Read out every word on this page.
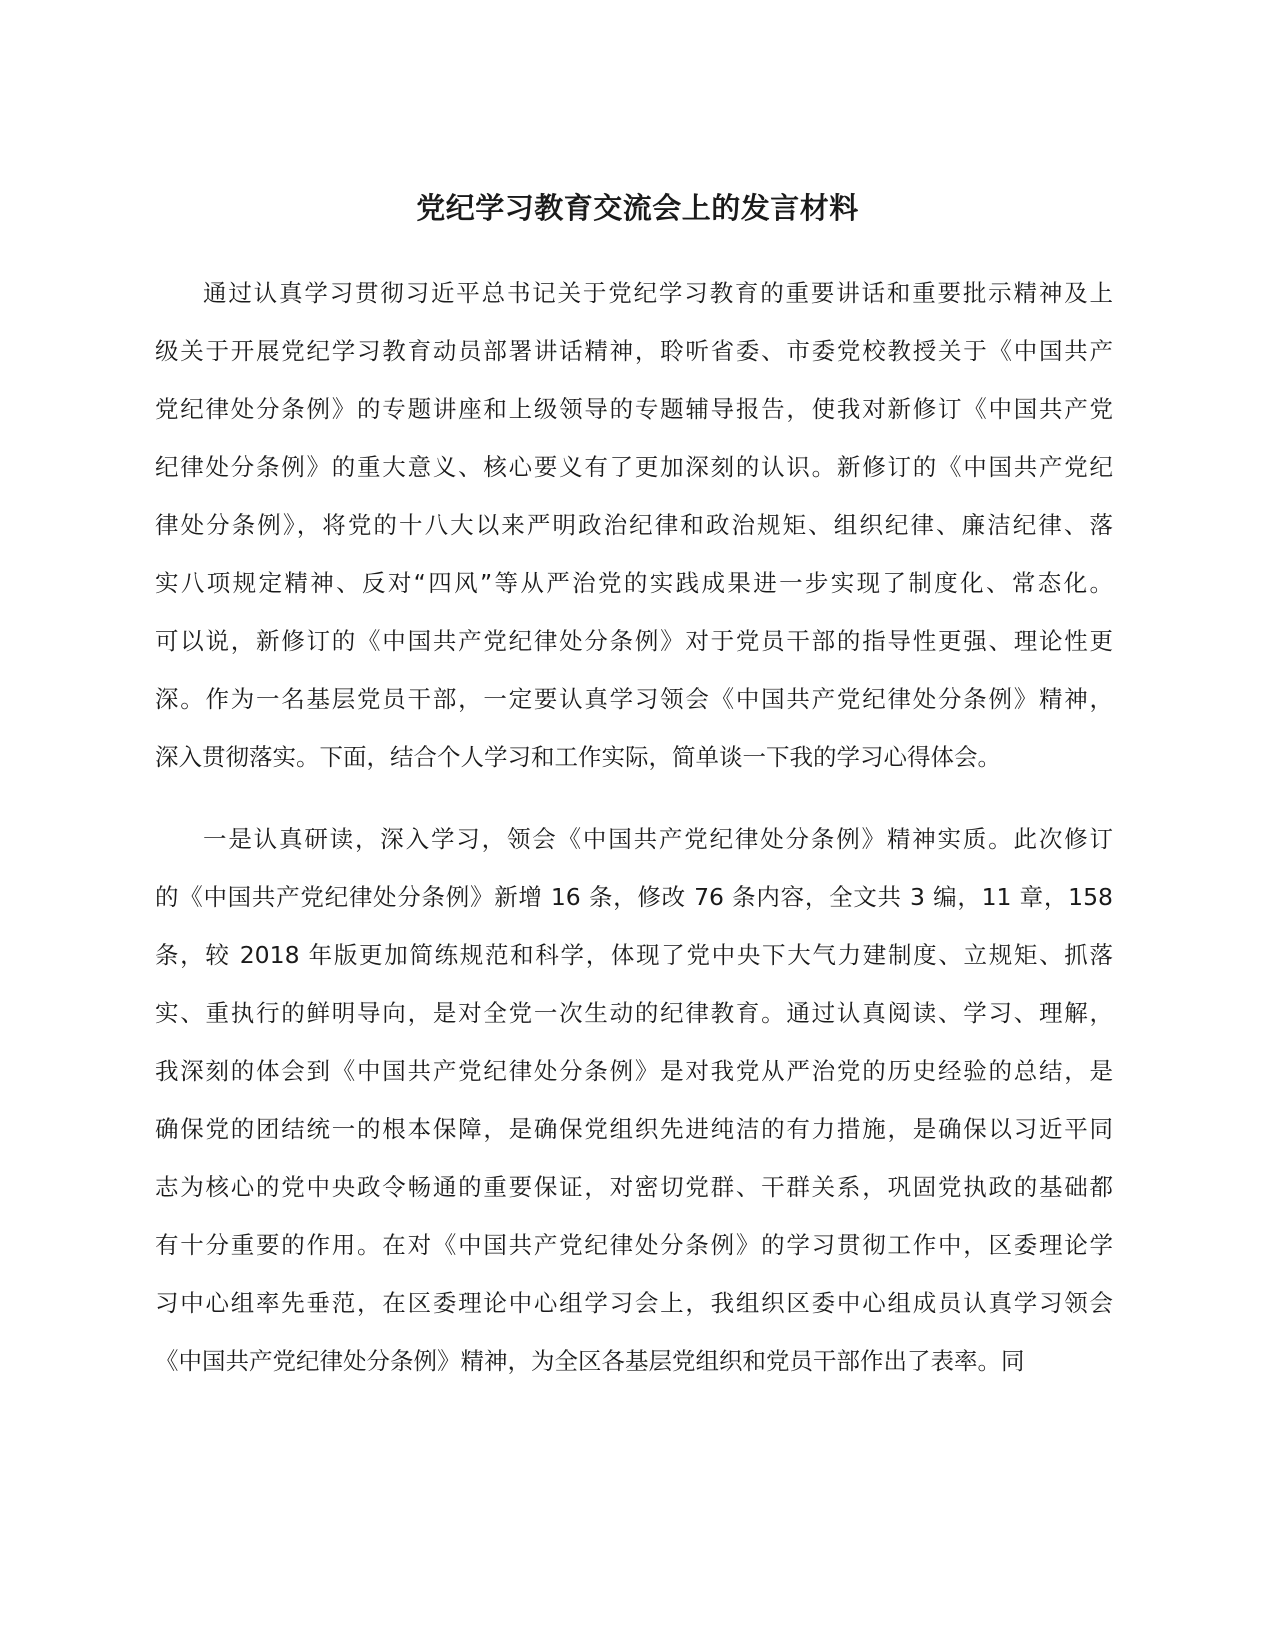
党纪学习教育交流会上的发言材料
通过认真学习贯彻习近平总书记关于党纪学习教育的重要讲话和重要批示精神及上
级关于开展党纪学习教育动员部署讲话精神，聆听省委、市委党校教授关于《中国共产
党纪律处分条例》的专题讲座和上级领导的专题辅导报告，使我对新修订《中国共产党
纪律处分条例》的重大意义、核心要义有了更加深刻的认识。新修订的《中国共产党纪
律处分条例》，将党的十八大以来严明政治纪律和政治规矩、组织纪律、廉洁纪律、落
实八项规定精神、反对“四风”等从严治党的实践成果进一步实现了制度化、常态化。
可以说，新修订的《中国共产党纪律处分条例》对于党员干部的指导性更强、理论性更
深。作为一名基层党员干部，一定要认真学习领会《中国共产党纪律处分条例》精神，
深入贯彻落实。下面，结合个人学习和工作实际，简单谈一下我的学习心得体会。
一是认真研读，深入学习，领会《中国共产党纪律处分条例》精神实质。此次修订
的《中国共产党纪律处分条例》新增 16 条，修改 76 条内容，全文共 3 编，11 章，158
条，较 2018 年版更加简练规范和科学，体现了党中央下大气力建制度、立规矩、抓落
实、重执行的鲜明导向，是对全党一次生动的纪律教育。通过认真阅读、学习、理解，
我深刻的体会到《中国共产党纪律处分条例》是对我党从严治党的历史经验的总结，是
确保党的团结统一的根本保障，是确保党组织先进纯洁的有力措施，是确保以习近平同
志为核心的党中央政令畅通的重要保证，对密切党群、干群关系，巩固党执政的基础都
有十分重要的作用。在对《中国共产党纪律处分条例》的学习贯彻工作中，区委理论学
习中心组率先垂范，在区委理论中心组学习会上，我组织区委中心组成员认真学习领会
《中国共产党纪律处分条例》精神，为全区各基层党组织和党员干部作出了表率。同
